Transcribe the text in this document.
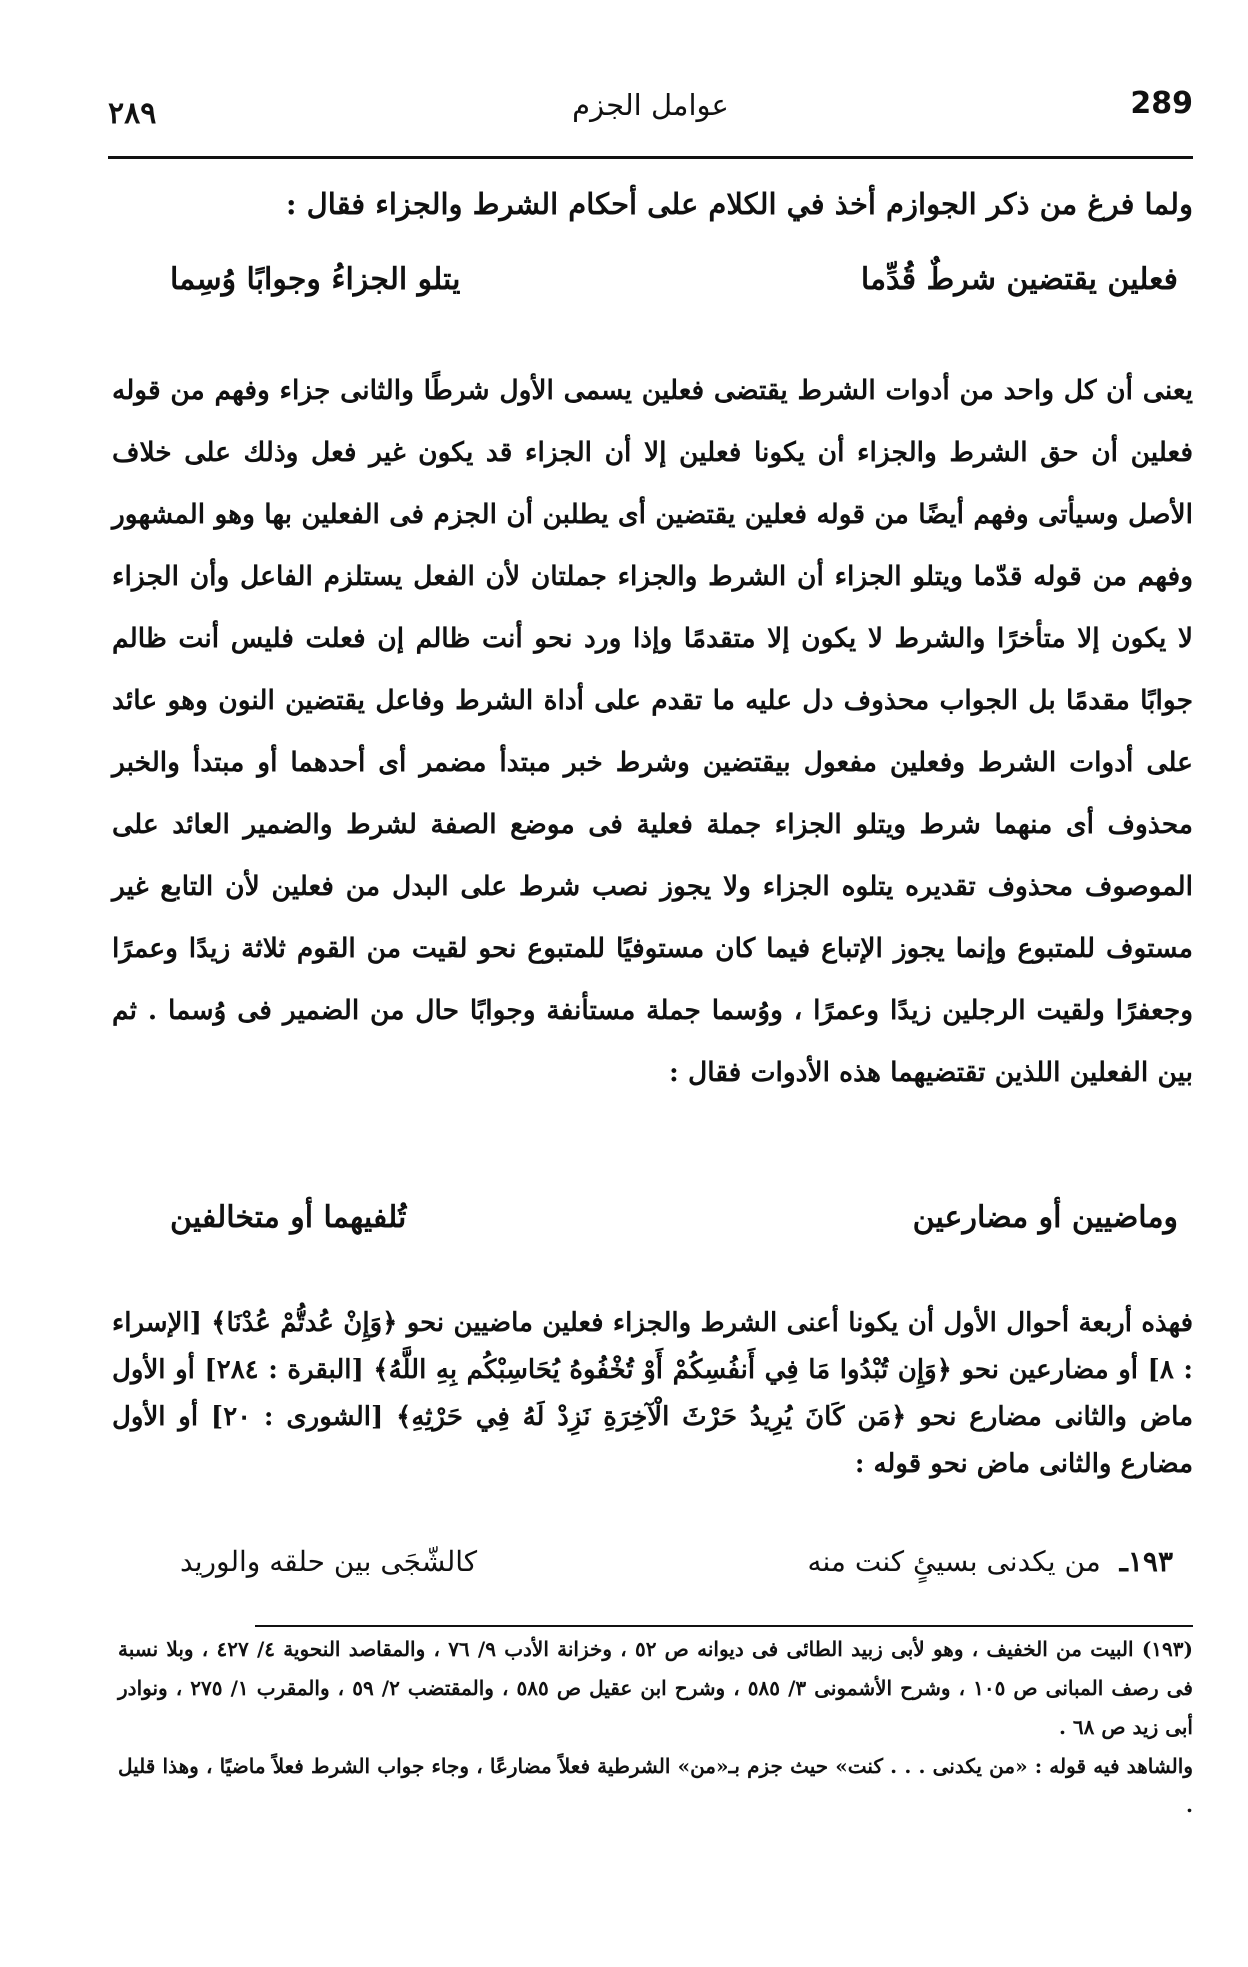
289
عوامل الجزم
٢٨٩
ولما فرغ من ذكر الجوازم أخذ في الكلام على أحكام الشرط والجزاء فقال :
فعلين يقتضين شرطٌ قُدِّما
يتلو الجزاءُ وجوابًا وُسِما
يعنى أن كل واحد من أدوات الشرط يقتضى فعلين يسمى الأول شرطًا والثانى جزاء وفهم من قوله فعلين أن حق الشرط والجزاء أن يكونا فعلين إلا أن الجزاء قد يكون غير فعل وذلك على خلاف الأصل وسيأتى وفهم أيضًا من قوله فعلين يقتضين أى يطلبن أن الجزم فى الفعلين بها وهو المشهور وفهم من قوله قدّما ويتلو الجزاء أن الشرط والجزاء جملتان لأن الفعل يستلزم الفاعل وأن الجزاء لا يكون إلا متأخرًا والشرط لا يكون إلا متقدمًا وإذا ورد نحو أنت ظالم إن فعلت فليس أنت ظالم جوابًا مقدمًا بل الجواب محذوف دل عليه ما تقدم على أداة الشرط وفاعل يقتضين النون وهو عائد على أدوات الشرط وفعلين مفعول بيقتضين وشرط خبر مبتدأ مضمر أى أحدهما أو مبتدأ والخبر محذوف أى منهما شرط ويتلو الجزاء جملة فعلية فى موضع الصفة لشرط والضمير العائد على الموصوف محذوف تقديره يتلوه الجزاء ولا يجوز نصب شرط على البدل من فعلين لأن التابع غير مستوف للمتبوع وإنما يجوز الإتباع فيما كان مستوفيًا للمتبوع نحو لقيت من القوم ثلاثة زيدًا وعمرًا وجعفرًا ولقيت الرجلين زيدًا وعمرًا ، ووُسما جملة مستأنفة وجوابًا حال من الضمير فى وُسما . ثم بين الفعلين اللذين تقتضيهما هذه الأدوات فقال :
وماضيين أو مضارعين
تُلفيهما أو متخالفين
فهذه أربعة أحوال الأول أن يكونا أعنى الشرط والجزاء فعلين ماضيين نحو ﴿وَإِنْ عُدتُّمْ عُدْنَا﴾ [الإسراء : ٨] أو مضارعين نحو ﴿وَإِن تُبْدُوا مَا فِي أَنفُسِكُمْ أَوْ تُخْفُوهُ يُحَاسِبْكُم بِهِ اللَّهُ﴾ [البقرة : ٢٨٤] أو الأول ماض والثانى مضارع نحو ﴿مَن كَانَ يُرِيدُ حَرْثَ الْآخِرَةِ نَزِدْ لَهُ فِي حَرْثِهِ﴾ [الشورى : ٢٠] أو الأول مضارع والثانى ماض نحو قوله :
١٩٣ـ من يكدنى بسيئٍ كنت منه
كالشّجَى بين حلقه والوريد

(١٩٣) البيت من الخفيف ، وهو لأبى زبيد الطائى فى ديوانه ص ٥٢ ، وخزانة الأدب ٩/ ٧٦ ، والمقاصد النحوية ٤/ ٤٢٧ ، وبلا نسبة فى رصف المبانى ص ١٠٥ ، وشرح الأشمونى ٣/ ٥٨٥ ، وشرح ابن عقيل ص ٥٨٥ ، والمقتضب ٢/ ٥٩ ، والمقرب ١/ ٢٧٥ ، ونوادر أبى زيد ص ٦٨ .

والشاهد فيه قوله : «من يكدنى . . . كنت» حيث جزم بـ«من» الشرطية فعلاً مضارعًا ، وجاء جواب الشرط فعلاً ماضيًا ، وهذا قليل .
